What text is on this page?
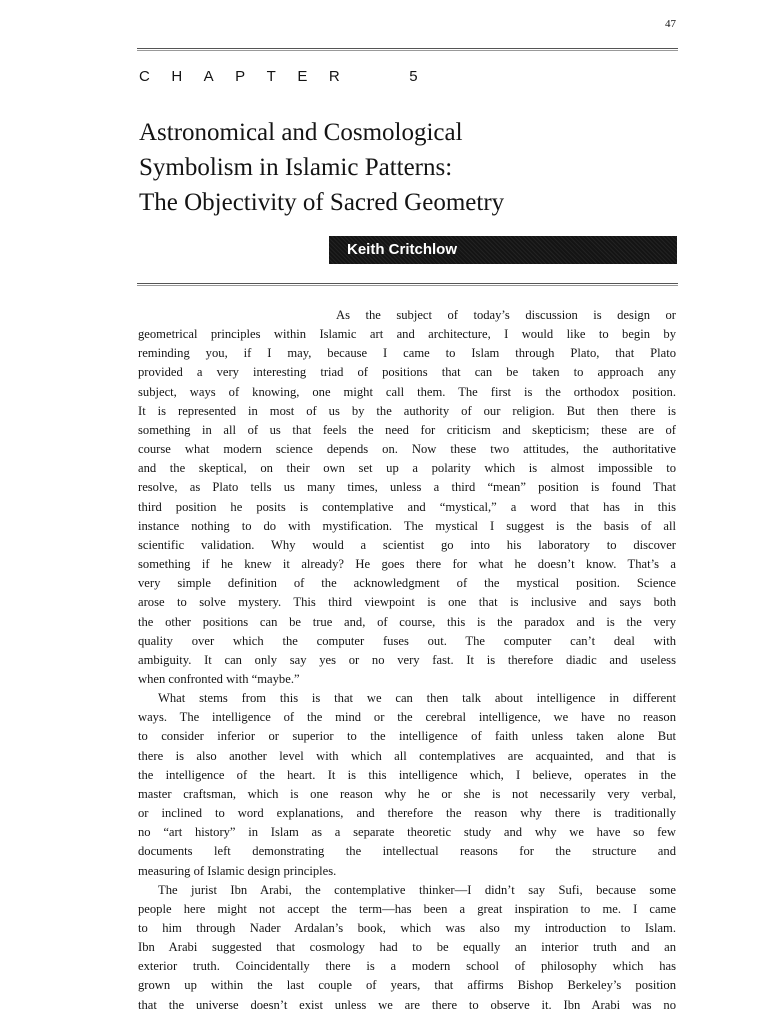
47
CHAPTER	5
Astronomical and Cosmological
Symbolism in Islamic Patterns:
The Objectivity of Sacred Geometry
Keith Critchlow
As the subject of today’s discussion is design or
geometrical principles within Islamic art and architecture, I would like to begin by
reminding you, if I may, because I came to Islam through Plato, that Plato
provided a very interesting triad of positions that can be taken to approach any
subject, ways of knowing, one might call them. The first is the orthodox position.
It is represented in most of us by the authority of our religion. But then there is
something in all of us that feels the need for criticism and skepticism; these are of
course what modern science depends on. Now these two attitudes, the authoritative
and the skeptical, on their own set up a polarity which is almost impossible to
resolve, as Plato tells us many times, unless a third “mean” position is found That
third position he posits is contemplative and “mystical,” a word that has in this
instance nothing to do with mystification. The mystical I suggest is the basis of all
scientific validation. Why would a scientist go into his laboratory to discover
something if he knew it already? He goes there for what he doesn’t know. That’s a
very simple definition of the acknowledgment of the mystical position. Science
arose to solve mystery. This third viewpoint is one that is inclusive and says both
the other positions can be true and, of course, this is the paradox and is the very
quality over which the computer fuses out. The computer can’t deal with
ambiguity. It can only say yes or no very fast. It is therefore diadic and useless
when confronted with “maybe.”
What stems from this is that we can then talk about intelligence in different
ways. The intelligence of the mind or the cerebral intelligence, we have no reason
to consider inferior or superior to the intelligence of faith unless taken alone But
there is also another level with which all contemplatives are acquainted, and that is
the intelligence of the heart. It is this intelligence which, I believe, operates in the
master craftsman, which is one reason why he or she is not necessarily very verbal,
or inclined to word explanations, and therefore the reason why there is traditionally
no “art history” in Islam as a separate theoretic study and why we have so few
documents left demonstrating the intellectual reasons for the structure and
measuring of Islamic design principles.
The jurist Ibn Arabi, the contemplative thinker—I didn’t say Sufi, because some
people here might not accept the term—has been a great inspiration to me. I came
to him through Nader Ardalan’s book, which was also my introduction to Islam.
Ibn Arabi suggested that cosmology had to be equally an interior truth and an
exterior truth. Coincidentally there is a modern school of philosophy which has
grown up within the last couple of years, that affirms Bishop Berkeley’s position
that the universe doesn’t exist unless we are there to observe it. Ibn Arabi was no
